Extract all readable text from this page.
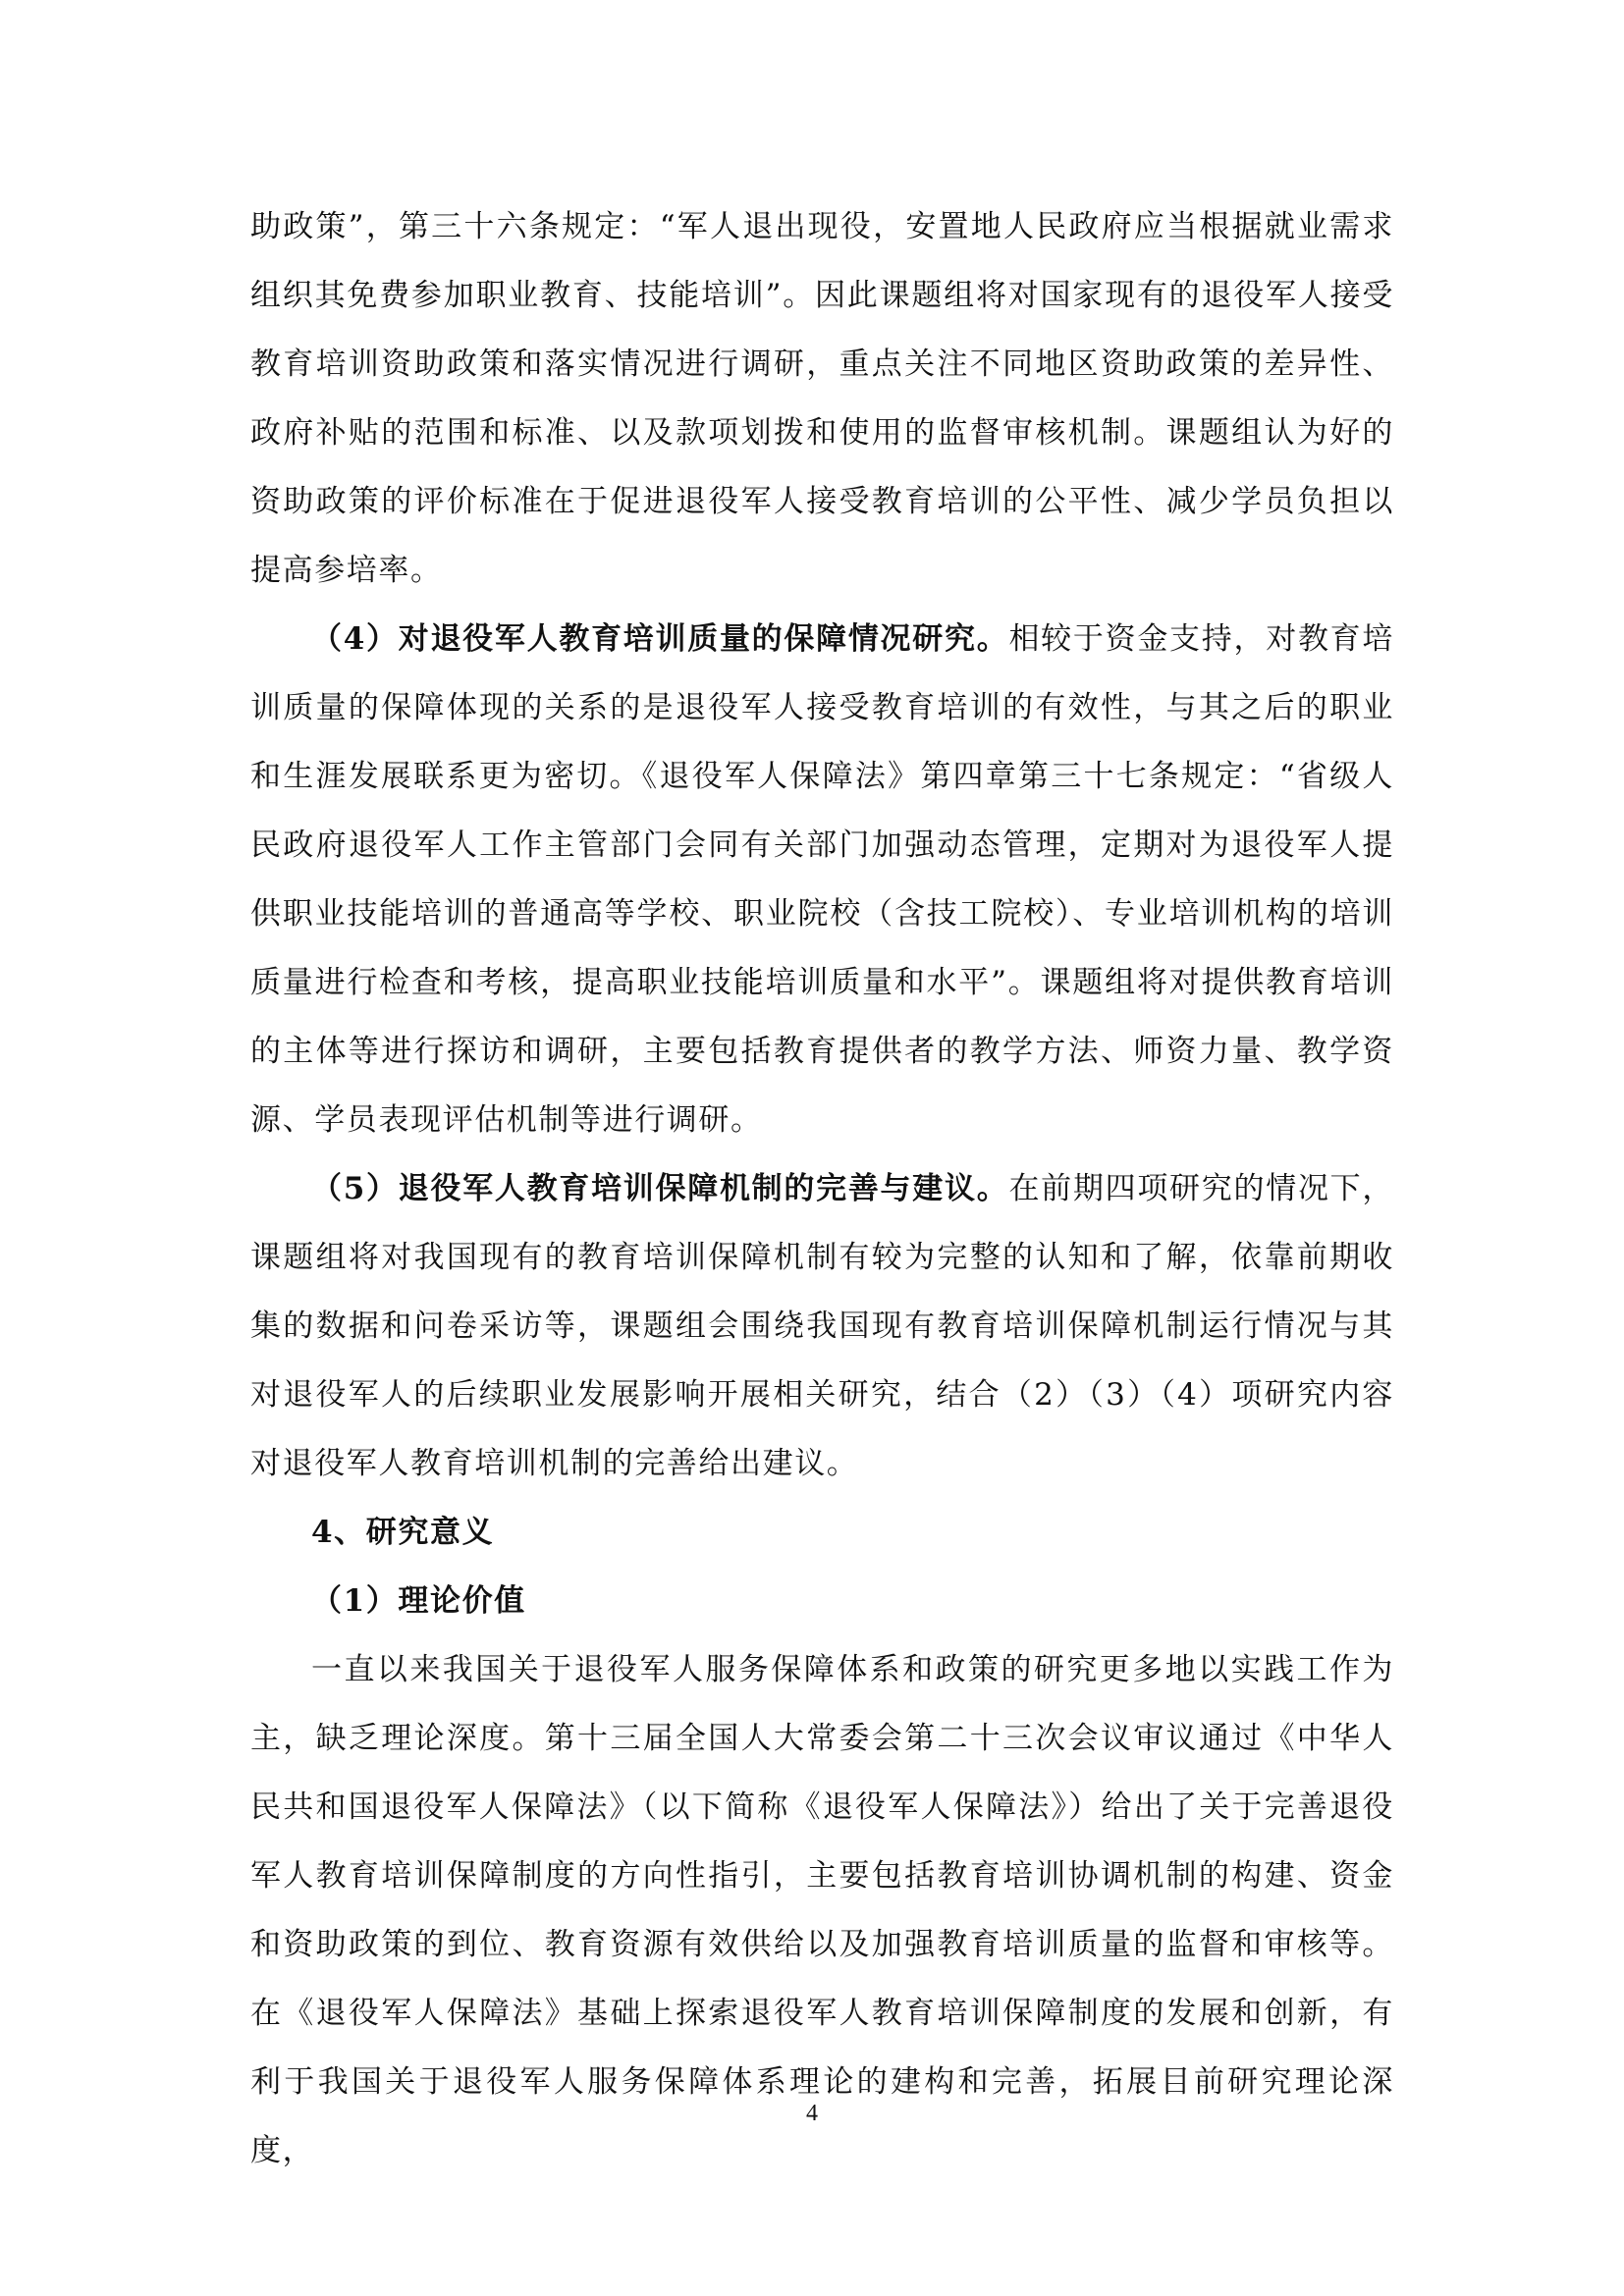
助政策”，第三十六条规定：“军人退出现役，安置地人民政府应当根据就业需求组织其免费参加职业教育、技能培训”。因此课题组将对国家现有的退役军人接受教育培训资助政策和落实情况进行调研，重点关注不同地区资助政策的差异性、政府补贴的范围和标准、以及款项划拨和使用的监督审核机制。课题组认为好的资助政策的评价标准在于促进退役军人接受教育培训的公平性、减少学员负担以提高参培率。

（4）对退役军人教育培训质量的保障情况研究。相较于资金支持，对教育培训质量的保障体现的关系的是退役军人接受教育培训的有效性，与其之后的职业和生涯发展联系更为密切。《退役军人保障法》第四章第三十七条规定：“省级人民政府退役军人工作主管部门会同有关部门加强动态管理，定期对为退役军人提供职业技能培训的普通高等学校、职业院校（含技工院校）、专业培训机构的培训质量进行检查和考核，提高职业技能培训质量和水平”。课题组将对提供教育培训的主体等进行探访和调研，主要包括教育提供者的教学方法、师资力量、教学资源、学员表现评估机制等进行调研。

（5）退役军人教育培训保障机制的完善与建议。在前期四项研究的情况下，课题组将对我国现有的教育培训保障机制有较为完整的认知和了解，依靠前期收集的数据和问卷采访等，课题组会围绕我国现有教育培训保障机制运行情况与其对退役军人的后续职业发展影响开展相关研究，结合（2）（3）（4）项研究内容对退役军人教育培训机制的完善给出建议。

4、研究意义

（1）理论价值

一直以来我国关于退役军人服务保障体系和政策的研究更多地以实践工作为主，缺乏理论深度。第十三届全国人大常委会第二十三次会议审议通过《中华人民共和国退役军人保障法》（以下简称《退役军人保障法》）给出了关于完善退役军人教育培训保障制度的方向性指引，主要包括教育培训协调机制的构建、资金和资助政策的到位、教育资源有效供给以及加强教育培训质量的监督和审核等。在《退役军人保障法》基础上探索退役军人教育培训保障制度的发展和创新，有利于我国关于退役军人服务保障体系理论的建构和完善，拓展目前研究理论深度，

4
